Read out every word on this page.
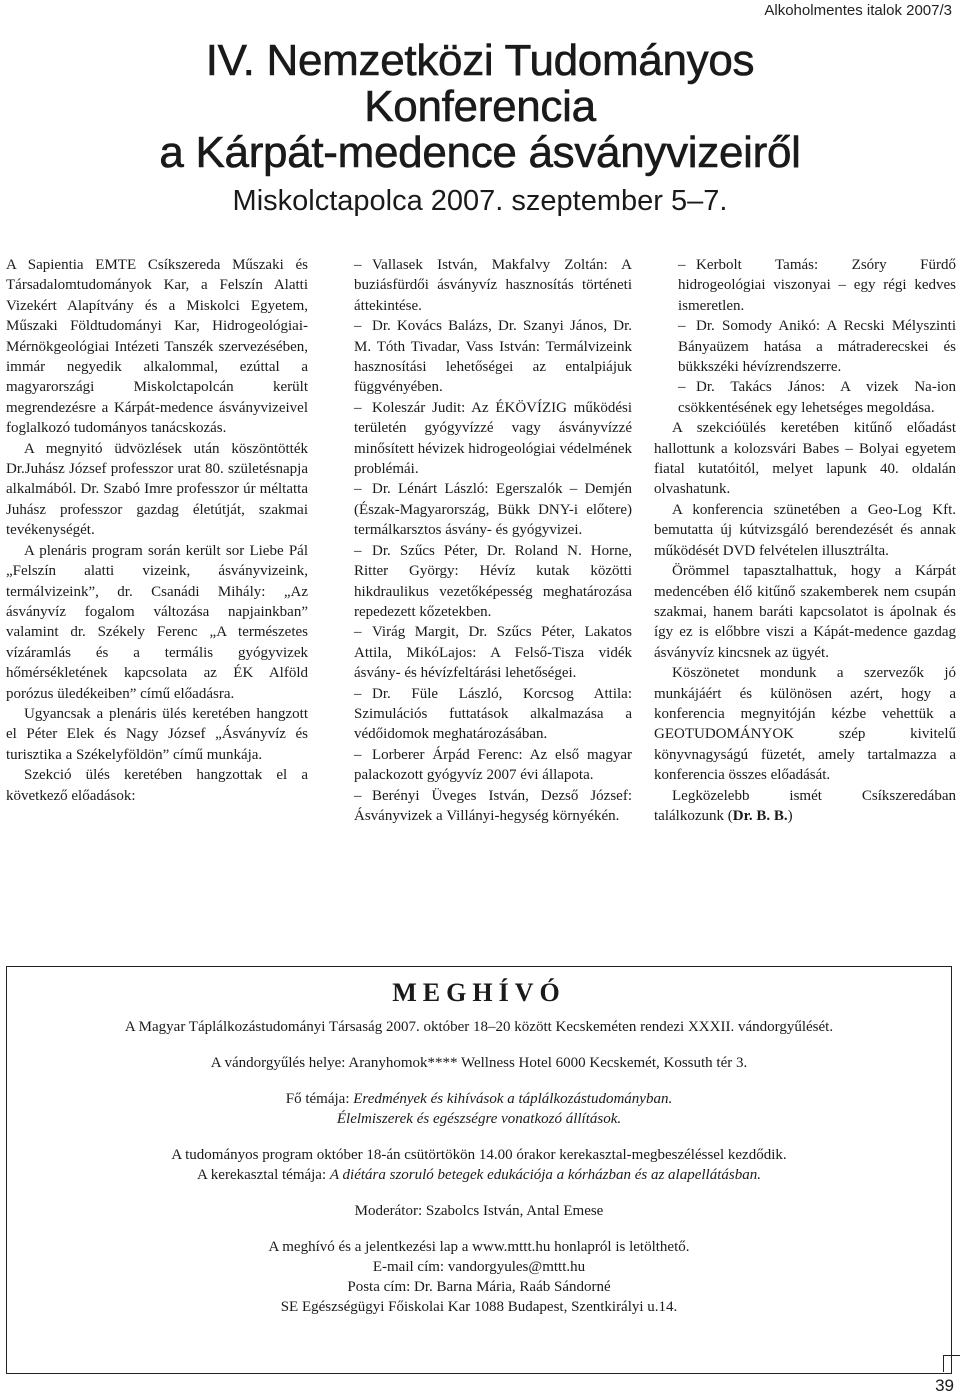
Alkoholmentes italok 2007/3
IV. Nemzetközi Tudományos
Konferencia
a Kárpát-medence ásványvizeiről
Miskolctapolca 2007. szeptember 5–7.

A Sapientia EMTE Csíkszereda Műszaki és Társadalomtudományok Kar, a Felszín Alatti Vizekért Alapítvány és a Miskolci Egyetem, Műszaki Földtudományi Kar, Hidrogeológiai-Mérnökgeológiai Intézeti Tanszék szervezésében, immár negyedik alkalommal, ezúttal a magyarországi Miskolctapolcán került megrendezésre a Kárpát-medence ásványvizeivel foglalkozó tudományos tanácskozás.

A megnyitó üdvözlések után köszöntötték Dr.Juhász József professzor urat 80. születésnapja alkalmából. Dr. Szabó Imre professzor úr méltatta Juhász professzor gazdag életútját, szakmai tevékenységét.

A plenáris program során került sor Liebe Pál „Felszín alatti vizeink, ásványvizeink, termálvizeink”, dr. Csanádi Mihály: „Az ásványvíz fogalom változása napjainkban” valamint dr. Székely Ferenc „A természetes vízáramlás és a termális gyógyvizek hőmérsékletének kapcsolata az ÉK Alföld porózus üledékeiben” című előadásra.

Ugyancsak a plenáris ülés keretében hangzott el Péter Elek és Nagy József „Ásványvíz és turisztika a Székelyföldön” című munkája.

Szekció ülés keretében hangzottak el a következő előadások:

– Vallasek István, Makfalvy Zoltán: A buziásfürdői ásványvíz hasznosítás történeti áttekintése.

– Dr. Kovács Balázs, Dr. Szanyi János, Dr. M. Tóth Tivadar, Vass István: Termálvizeink hasznosítási lehetőségei az entalpiájuk függvényében.

– Koleszár Judit: Az ÉKÖVÍZIG működési területén gyógyvízzé vagy ásványvízzé minősített hévizek hidrogeológiai védelmének problémái.

– Dr. Lénárt László: Egerszalók – Demjén (Észak-Magyarország, Bükk DNY-i előtere) termálkarsztos ásvány- és gyógyvizei.

– Dr. Szűcs Péter, Dr. Roland N. Horne, Ritter György: Hévíz kutak közötti hikdraulikus vezetőképesség meghatározása repedezett kőzetekben.

– Virág Margit, Dr. Szűcs Péter, Lakatos Attila, MikóLajos: A Felső-Tisza vidék ásvány- és hévízfeltárási lehetőségei.

– Dr. Füle László, Korcsog Attila: Szimulációs futtatások alkalmazása a védőidomok meghatározásában.

– Lorberer Árpád Ferenc: Az első magyar palackozott gyógyvíz 2007 évi állapota.

– Berényi Üveges István, Dezső József: Ásványvizek a Villányi-hegység környékén.

– Kerbolt Tamás: Zsóry Fürdő hidrogeológiai viszonyai – egy régi kedves ismeretlen.

– Dr. Somody Anikó: A Recski Mélyszinti Bányaüzem hatása a mátraderecskei és bükkszéki hévízrendszerre.

– Dr. Takács János: A vizek Na-ion csökkentésének egy lehetséges megoldása.

A szekcióülés keretében kitűnő előadást hallottunk a kolozsvári Babes – Bolyai egyetem fiatal kutatóitól, melyet lapunk 40. oldalán olvashatunk.

A konferencia szünetében a Geo-Log Kft. bemutatta új kútvizsgáló berendezését és annak működését DVD felvételen illusztrálta.

Örömmel tapasztalhattuk, hogy a Kárpát medencében élő kitűnő szakemberek nem csupán szakmai, hanem baráti kapcsolatot is ápolnak és így ez is előbbre viszi a Kápát-medence gazdag ásványvíz kincsnek az ügyét.

Köszönetet mondunk a szervezők jó munkájáért és különösen azért, hogy a konferencia megnyitóján kézbe vehettük a GEOTUDOMÁNYOK szép kivitelű könyvnagyságú füzetét, amely tartalmazza a konferencia összes előadását.

Legközelebb ismét Csíkszeredában találkozunk (Dr. B. B.)

MEGHÍVÓ

A Magyar Táplálkozástudományi Társaság 2007. október 18–20 között Kecskeméten rendezi XXXII. vándorgyűlését.

A vándorgyűlés helye: Aranyhomok**** Wellness Hotel 6000 Kecskemét, Kossuth tér 3.

Fő témája: Eredmények és kihívások a táplálkozástudományban.

Élelmiszerek és egészségre vonatkozó állítások.

A tudományos program október 18-án csütörtökön 14.00 órakor kerekasztal-megbeszéléssel kezdődik.

A kerekasztal témája: A diétára szoruló betegek edukációja a kórházban és az alapellátásban.

Moderátor: Szabolcs István, Antal Emese

A meghívó és a jelentkezési lap a www.mttt.hu honlapról is letölthető.

E-mail cím: vandorgyules@mttt.hu

Posta cím: Dr. Barna Mária, Raáb Sándorné

SE Egészségügyi Főiskolai Kar 1088 Budapest, Szentkirályi u.14.

39
